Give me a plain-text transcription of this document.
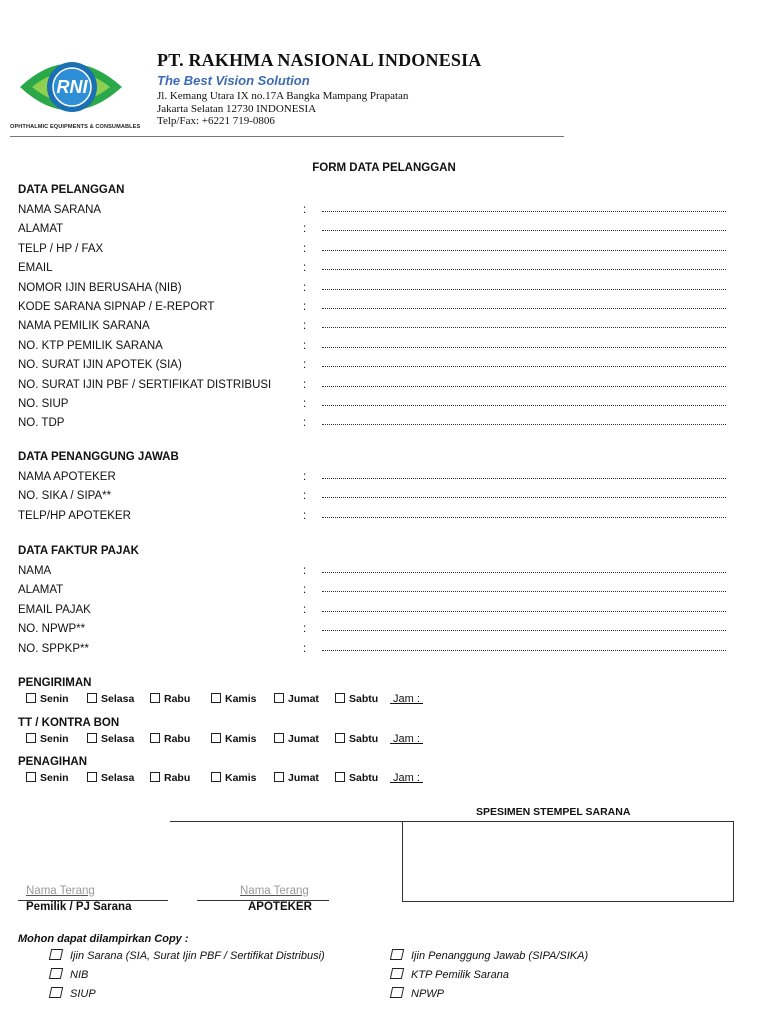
RNI
OPHTHALMIC EQUIPMENTS & CONSUMABLES
PT. RAKHMA NASIONAL INDONESIA
The Best Vision Solution
Jl. Kemang Utara IX no.17A Bangka Mampang Prapatan
Jakarta Selatan 12730 INDONESIA
Telp/Fax: +6221 719-0806
FORM DATA PELANGGAN
DATA PELANGGAN
NAMA SARANA	:
ALAMAT	:
TELP / HP / FAX	:
EMAIL	:
NOMOR IJIN BERUSAHA (NIB)	:
KODE SARANA SIPNAP / E-REPORT	:
NAMA PEMILIK SARANA	:
NO. KTP PEMILIK SARANA	:
NO. SURAT IJIN APOTEK (SIA)	:
NO. SURAT IJIN PBF / SERTIFIKAT DISTRIBUSI	:
NO. SIUP	:
NO. TDP	:
DATA PENANGGUNG JAWAB
NAMA APOTEKER	:
NO. SIKA / SIPA**	:
TELP/HP APOTEKER	:
DATA FAKTUR PAJAK
NAMA	:
ALAMAT	:
EMAIL PAJAK	:
NO. NPWP**	:
NO. SPPKP**	:
PENGIRIMAN
Senin	Selasa	Rabu	Kamis	Jumat	Sabtu Jam :
TT / KONTRA BON
Senin	Selasa	Rabu	Kamis	Jumat	Sabtu Jam :
PENAGIHAN
Senin	Selasa	Rabu	Kamis	Jumat	Sabtu Jam :
SPESIMEN STEMPEL SARANA
Nama Terang
Pemilik / PJ Sarana
Nama Terang
APOTEKER
Mohon dapat dilampirkan Copy :
Ijin Sarana (SIA, Surat Ijin PBF / Sertifikat Distribusi)
NIB
SIUP
Ijin Penanggung Jawab (SIPA/SIKA)
KTP Pemilik Sarana
NPWP
